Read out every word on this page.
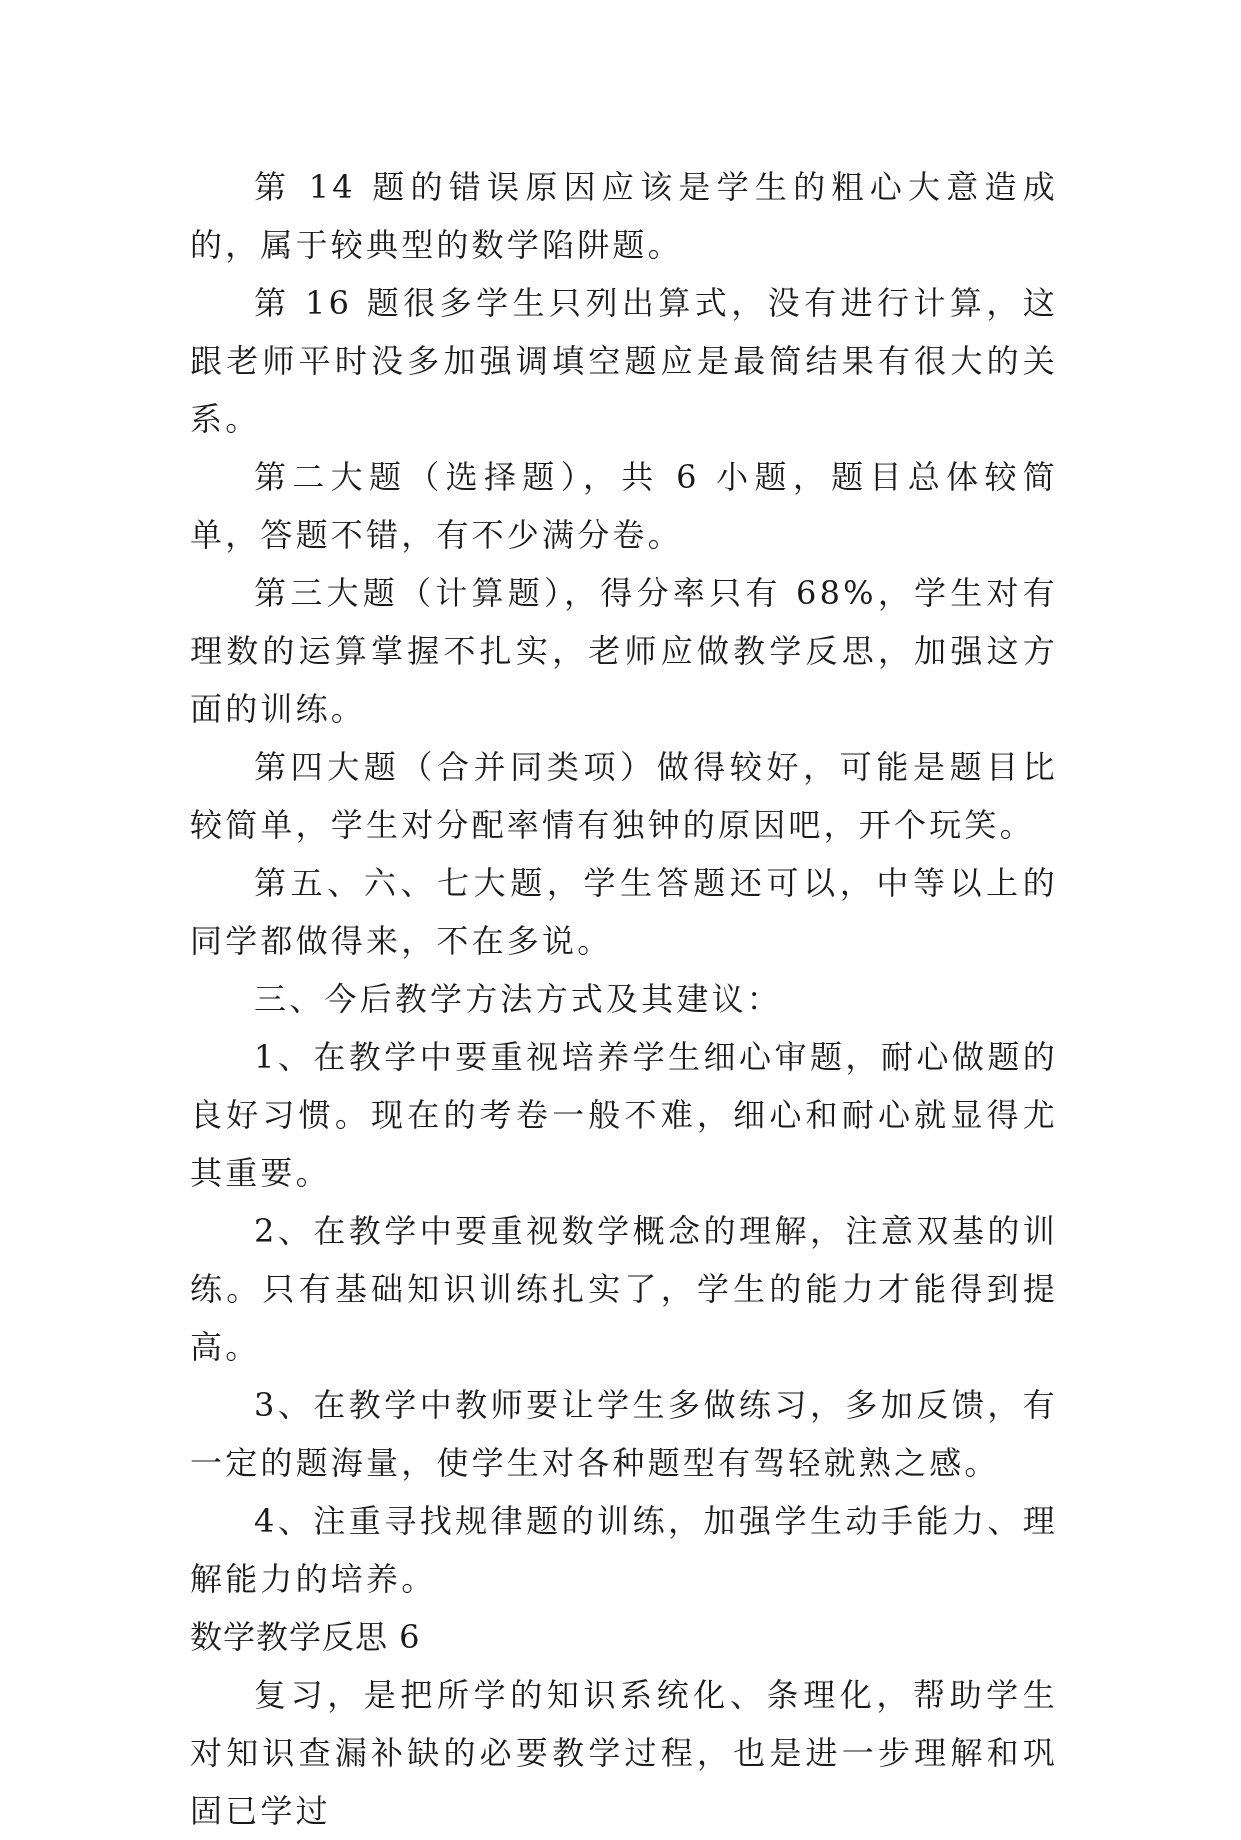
第 14 题的错误原因应该是学生的粗心大意造成的，属于较典型的数学陷阱题。

第 16 题很多学生只列出算式，没有进行计算，这跟老师平时没多加强调填空题应是最简结果有很大的关系。

第二大题（选择题），共 6 小题，题目总体较简单，答题不错，有不少满分卷。

第三大题（计算题），得分率只有 68%，学生对有理数的运算掌握不扎实，老师应做教学反思，加强这方面的训练。

第四大题（合并同类项）做得较好，可能是题目比较简单，学生对分配率情有独钟的原因吧，开个玩笑。

第五、六、七大题，学生答题还可以，中等以上的同学都做得来，不在多说。

三、今后教学方法方式及其建议：

1、在教学中要重视培养学生细心审题，耐心做题的良好习惯。现在的考卷一般不难，细心和耐心就显得尤其重要。

2、在教学中要重视数学概念的理解，注意双基的训练。只有基础知识训练扎实了，学生的能力才能得到提高。

3、在教学中教师要让学生多做练习，多加反馈，有一定的题海量，使学生对各种题型有驾轻就熟之感。

4、注重寻找规律题的训练，加强学生动手能力、理解能力的培养。

数学教学反思 6

复习，是把所学的知识系统化、条理化，帮助学生对知识查漏补缺的必要教学过程，也是进一步理解和巩固已学过
